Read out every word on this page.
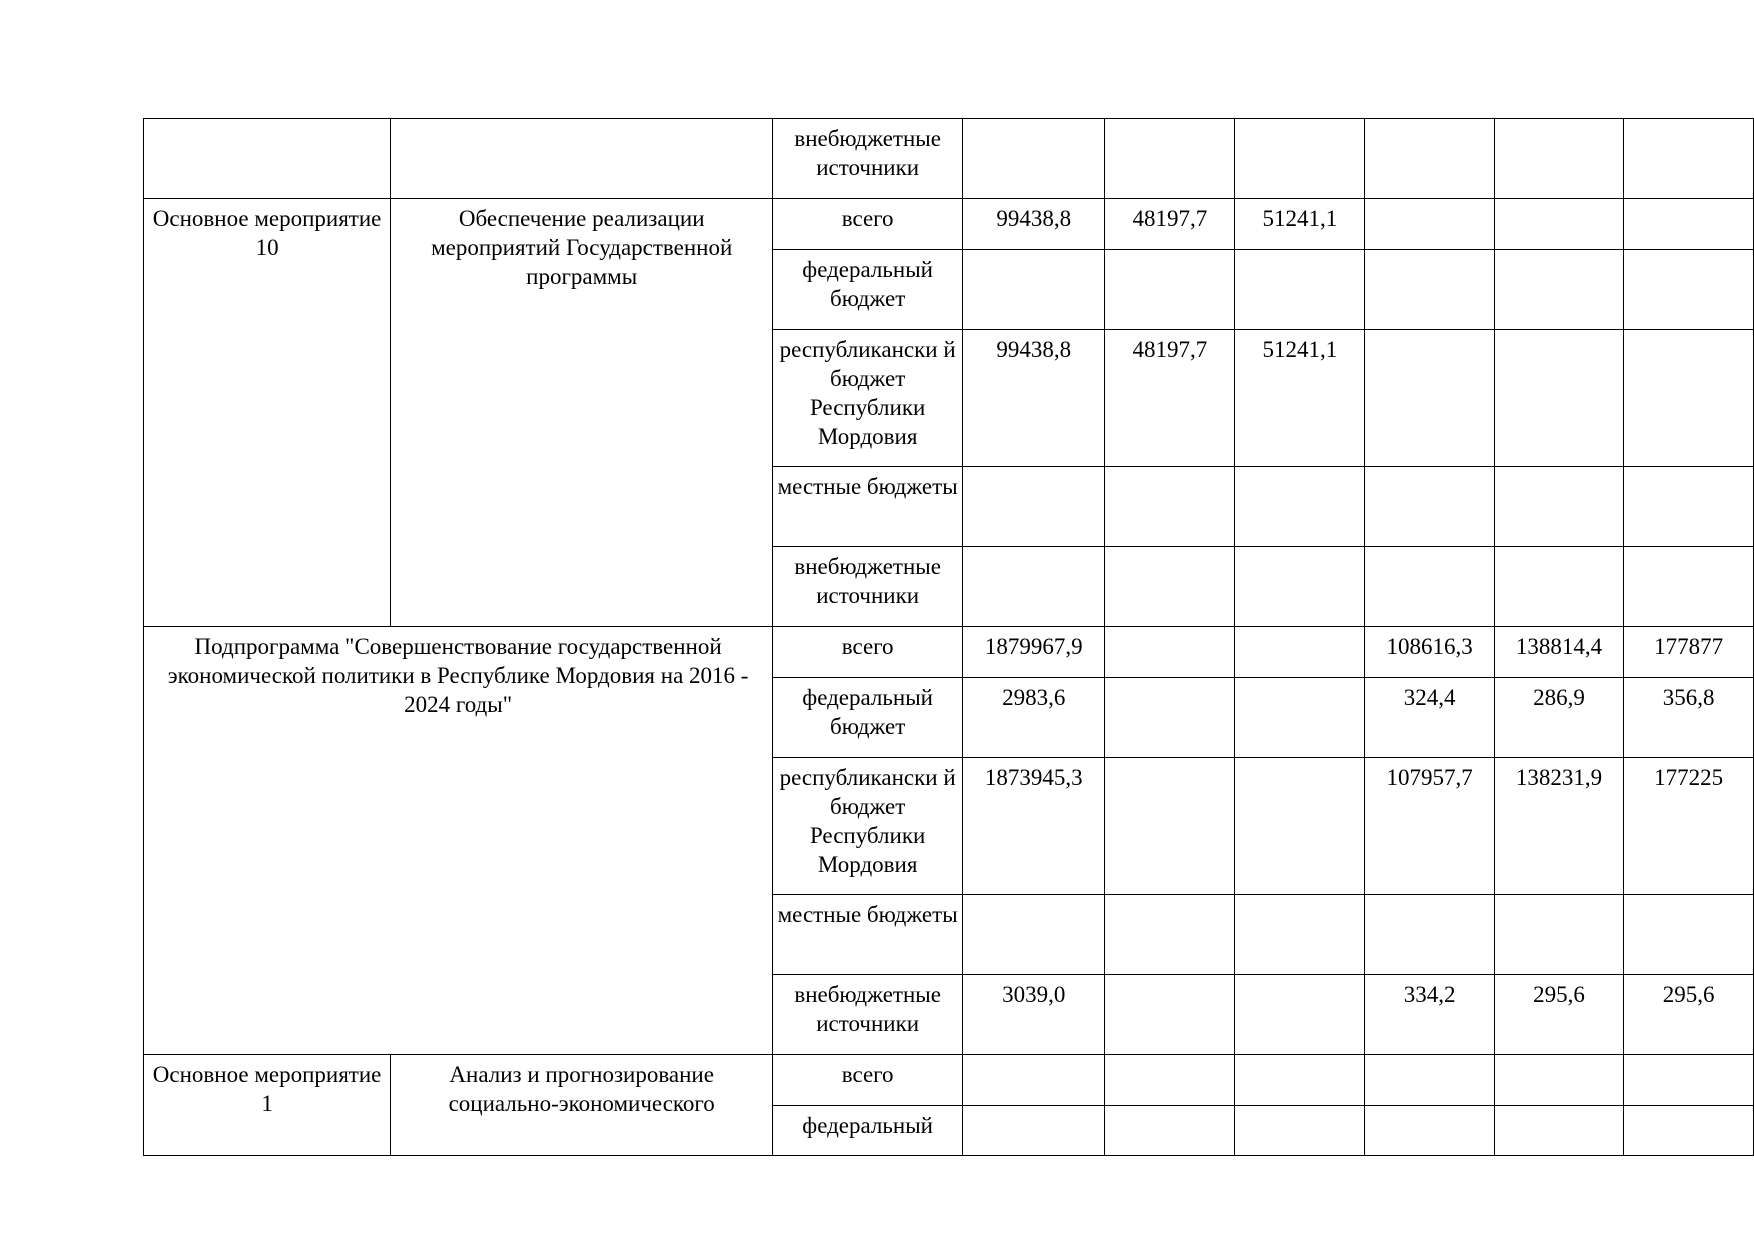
		внебюджетные источники						
Основное мероприятие 10	Обеспечение реализации мероприятий Государственной программы	всего	99438,8	48197,7	51241,1			
		федеральный бюджет						
		республикански й бюджет Республики Мордовия	99438,8	48197,7	51241,1			
		местные бюджеты						
		внебюджетные источники						
Подпрограмма "Совершенствование государственной экономической политики в Республике Мордовия на 2016 - 2024 годы"		всего	1879967,9			108616,3	138814,4	177877
		федеральный бюджет	2983,6			324,4	286,9	356,8
		республикански й бюджет Республики Мордовия	1873945,3			107957,7	138231,9	177225
		местные бюджеты						
		внебюджетные источники	3039,0			334,2	295,6	295,6
Основное мероприятие 1	Анализ и прогнозирование социально-экономического	всего						
		федеральный						
